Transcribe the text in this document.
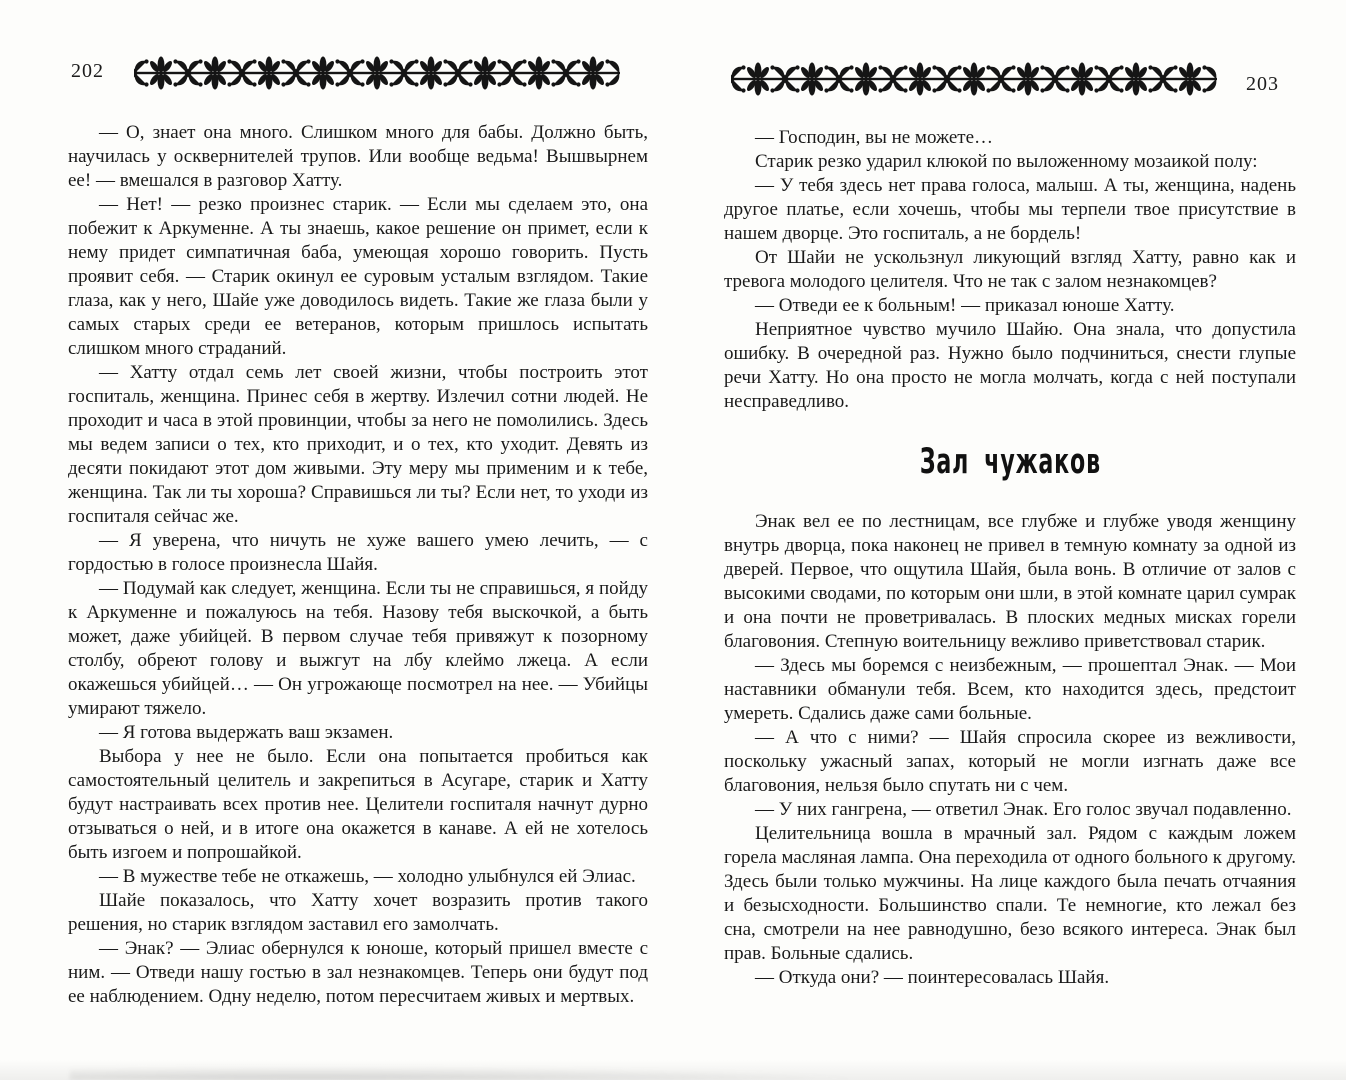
202
203

— О, знает она много. Слишком много для бабы. Должно быть, научилась у осквернителей трупов. Или вообще ведьма! Вышвырнем ее! — вмешался в разговор Хатту.

— Нет! — резко произнес старик. — Если мы сделаем это, она побежит к Аркуменне. А ты знаешь, какое решение он примет, если к нему придет симпатичная баба, умеющая хорошо говорить. Пусть проявит себя. — Старик окинул ее суровым усталым взглядом. Такие глаза, как у него, Шайе уже доводилось видеть. Такие же глаза были у самых старых среди ее ветеранов, которым пришлось испытать слишком много страданий.

— Хатту отдал семь лет своей жизни, чтобы построить этот госпиталь, женщина. Принес себя в жертву. Излечил сотни людей. Не проходит и часа в этой провинции, чтобы за него не помолились. Здесь мы ведем записи о тех, кто приходит, и о тех, кто уходит. Девять из десяти покидают этот дом живыми. Эту меру мы применим и к тебе, женщина. Так ли ты хороша? Справишься ли ты? Если нет, то уходи из госпиталя сейчас же.

— Я уверена, что ничуть не хуже вашего умею лечить, — с гордостью в голосе произнесла Шайя.

— Подумай как следует, женщина. Если ты не справишься, я пойду к Аркуменне и пожалуюсь на тебя. Назову тебя выскочкой, а быть может, даже убийцей. В первом случае тебя привяжут к позорному столбу, обреют голову и выжгут на лбу клеймо лжеца. А если окажешься убийцей… — Он угрожающе посмотрел на нее. — Убийцы умирают тяжело.

— Я готова выдержать ваш экзамен.

Выбора у нее не было. Если она попытается пробиться как самостоятельный целитель и закрепиться в Асугаре, старик и Хатту будут настраивать всех против нее. Целители госпиталя начнут дурно отзываться о ней, и в итоге она окажется в канаве. А ей не хотелось быть изгоем и попрошайкой.

— В мужестве тебе не откажешь, — холодно улыбнулся ей Элиас.

Шайе показалось, что Хатту хочет возразить против такого решения, но старик взглядом заставил его замолчать.

— Энак? — Элиас обернулся к юноше, который пришел вместе с ним. — Отведи нашу гостью в зал незнакомцев. Теперь они будут под ее наблюдением. Одну неделю, потом пересчитаем живых и мертвых.

— Господин, вы не можете…

Старик резко ударил клюкой по выложенному мозаикой полу:

— У тебя здесь нет права голоса, малыш. А ты, женщина, надень другое платье, если хочешь, чтобы мы терпели твое присутствие в нашем дворце. Это госпиталь, а не бордель!

От Шайи не ускользнул ликующий взгляд Хатту, равно как и тревога молодого целителя. Что не так с залом незнакомцев?

— Отведи ее к больным! — приказал юноше Хатту.

Неприятное чувство мучило Шайю. Она знала, что допустила ошибку. В очередной раз. Нужно было подчиниться, снести глупые речи Хатту. Но она просто не могла молчать, когда с ней поступали несправедливо.

Зал чужаков

Энак вел ее по лестницам, все глубже и глубже уводя женщину внутрь дворца, пока наконец не привел в темную комнату за одной из дверей. Первое, что ощутила Шайя, была вонь. В отличие от залов с высокими сводами, по которым они шли, в этой комнате царил сумрак и она почти не проветривалась. В плоских медных мисках горели благовония. Степную воительницу вежливо приветствовал старик.

— Здесь мы боремся с неизбежным, — прошептал Энак. — Мои наставники обманули тебя. Всем, кто находится здесь, предстоит умереть. Сдались даже сами больные.

— А что с ними? — Шайя спросила скорее из вежливости, поскольку ужасный запах, который не могли изгнать даже все благовония, нельзя было спутать ни с чем.

— У них гангрена, — ответил Энак. Его голос звучал подавленно.

Целительница вошла в мрачный зал. Рядом с каждым ложем горела масляная лампа. Она переходила от одного больного к другому. Здесь были только мужчины. На лице каждого была печать отчаяния и безысходности. Большинство спали. Те немногие, кто лежал без сна, смотрели на нее равнодушно, безо всякого интереса. Энак был прав. Больные сдались.

— Откуда они? — поинтересовалась Шайя.
